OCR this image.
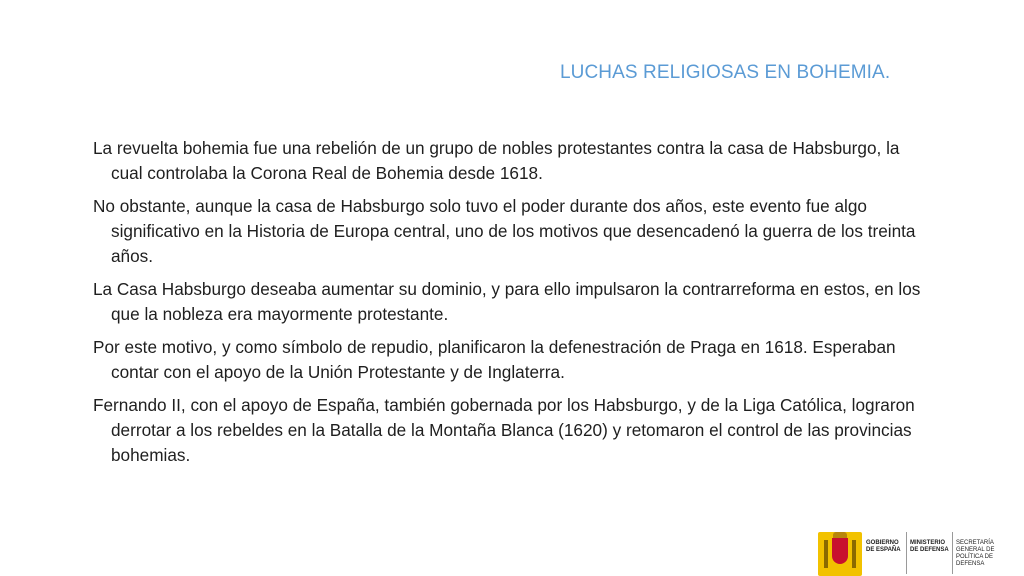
LUCHAS RELIGIOSAS EN BOHEMIA.

La revuelta bohemia fue una rebelión de un grupo de nobles protestantes contra la casa de Habsburgo, la cual controlaba la Corona Real de Bohemia desde 1618.

No obstante, aunque la casa de Habsburgo solo tuvo el poder durante dos años, este evento fue algo significativo en la Historia de Europa central, uno de los motivos que desencadenó la guerra de los treinta años.

La Casa Habsburgo deseaba aumentar su dominio, y para ello impulsaron la contrarreforma en estos, en los que la nobleza era mayormente protestante.

Por este motivo, y como símbolo de repudio, planificaron la defenestración de Praga en 1618. Esperaban contar con el apoyo de la Unión Protestante y de Inglaterra.

Fernando II, con el apoyo de España, también gobernada por los Habsburgo, y de la Liga Católica, lograron derrotar a los rebeldes en la Batalla de la Montaña Blanca (1620) y retomaron el control de las provincias bohemias.

GOBIERNO
DE ESPAÑA
MINISTERIO
DE DEFENSA
SECRETARÍA GENERAL DE
POLÍTICA DE DEFENSA
